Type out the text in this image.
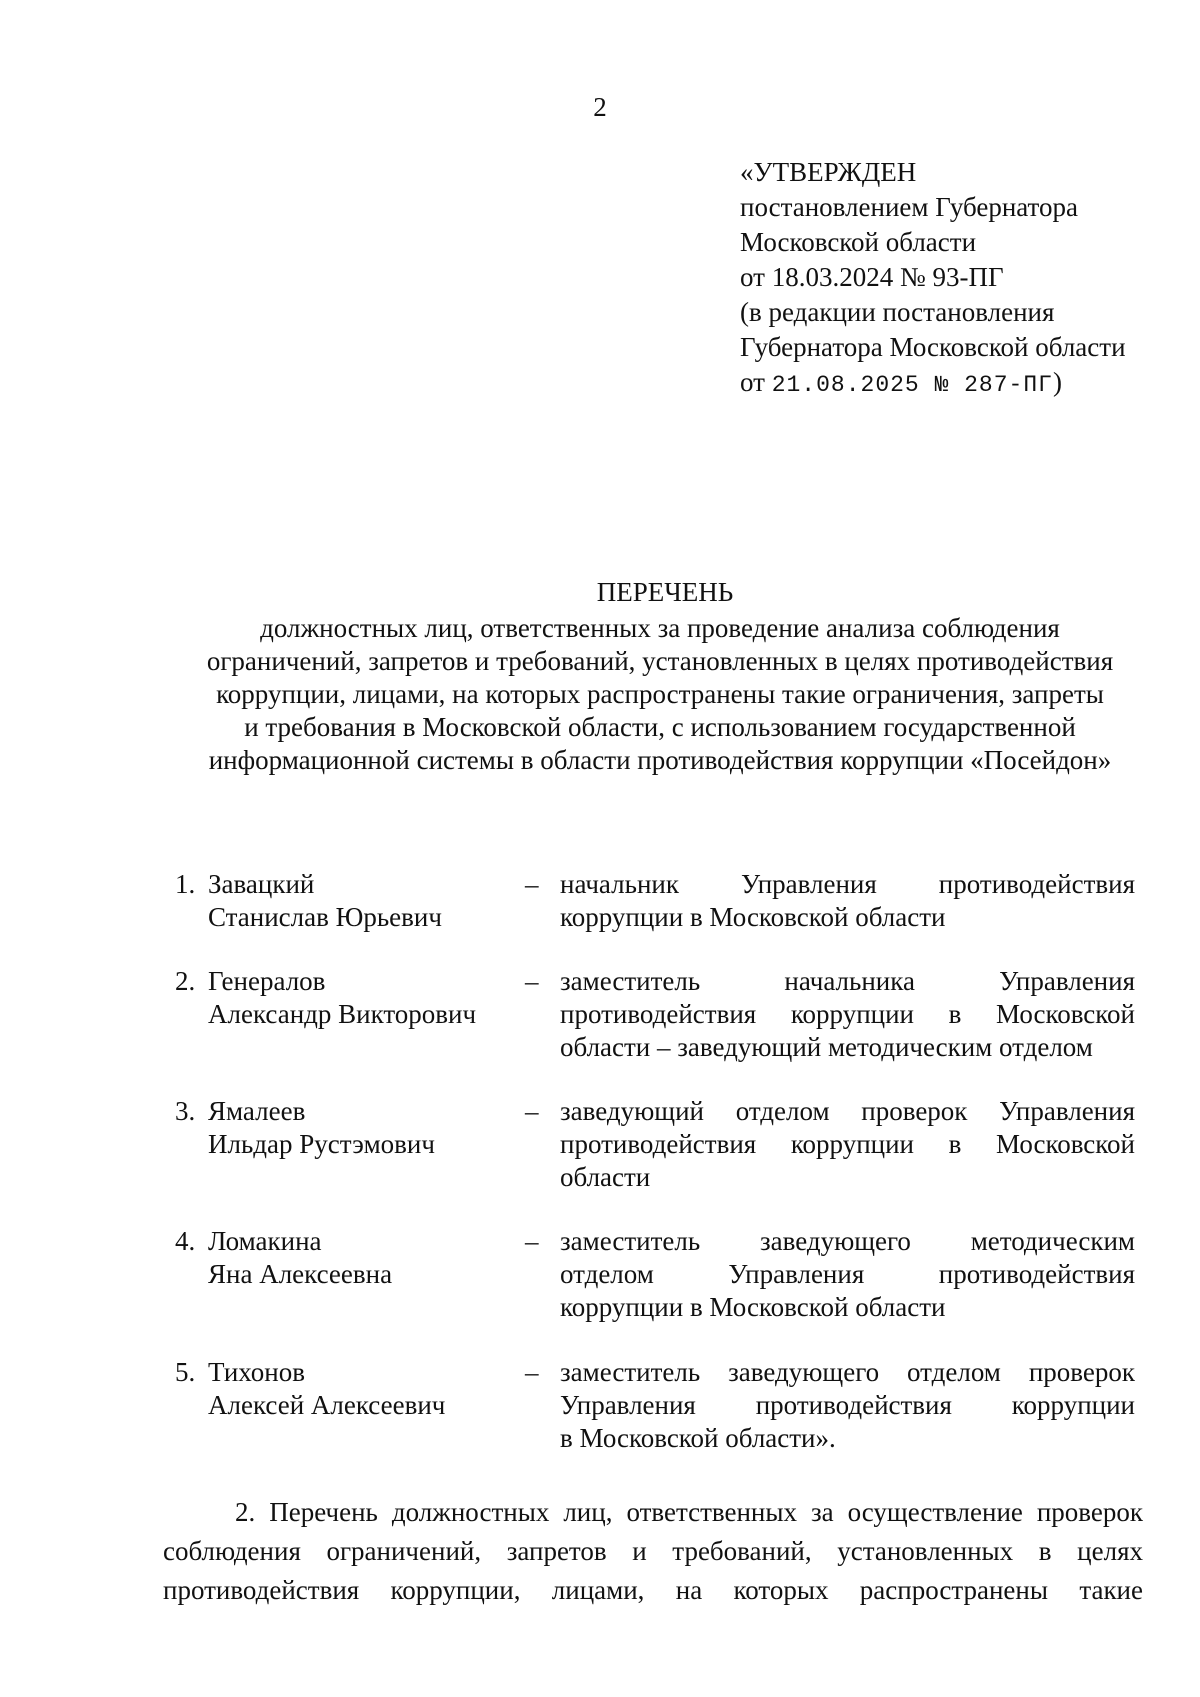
2
«УТВЕРЖДЕН
постановлением Губернатора
Московской области
от 18.03.2024 № 93-ПГ
(в редакции постановления
Губернатора Московской области
от 21.08.2025 № 287-ПГ)
ПЕРЕЧЕНЬ
должностных лиц, ответственных за проведение анализа соблюдения
ограничений, запретов и требований, установленных в целях противодействия
коррупции, лицами, на которых распространены такие ограничения, запреты
и требования в Московской области, с использованием государственной
информационной системы в области противодействия коррупции «Посейдон»
1. Завацкий
Станислав Юрьевич
– начальник Управления противодействия
коррупции в Московской области
2. Генералов
Александр Викторович
– заместитель начальника Управления
противодействия коррупции в Московской
области – заведующий методическим отделом
3. Ямалеев
Ильдар Рустэмович
– заведующий отделом проверок Управления
противодействия коррупции в Московской
области
4. Ломакина
Яна Алексеевна
– заместитель заведующего методическим
отделом Управления противодействия
коррупции в Московской области
5. Тихонов
Алексей Алексеевич
– заместитель заведующего отделом проверок
Управления противодействия коррупции
в Московской области».
2. Перечень должностных лиц, ответственных за осуществление проверок
соблюдения ограничений, запретов и требований, установленных в целях
противодействия коррупции, лицами, на которых распространены такие
